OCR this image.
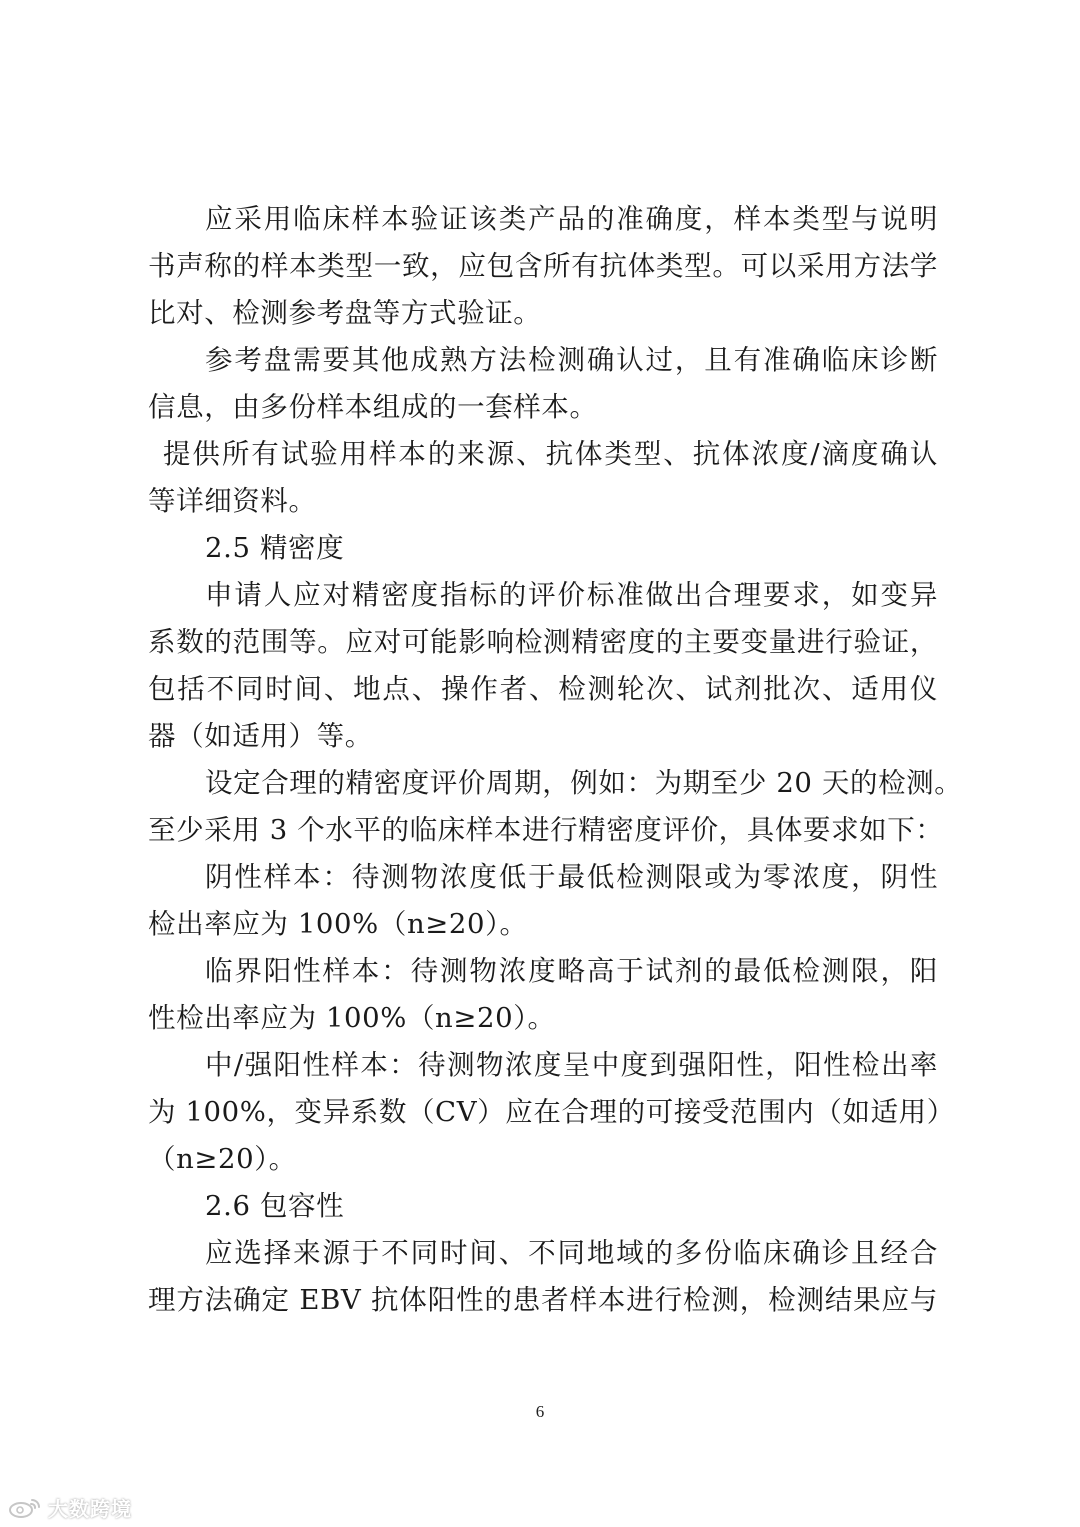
应采用临床样本验证该类产品的准确度，样本类型与说明
书声称的样本类型一致，应包含所有抗体类型。可以采用方法学
比对、检测参考盘等方式验证。
参考盘需要其他成熟方法检测确认过，且有准确临床诊断
信息，由多份样本组成的一套样本。
提供所有试验用样本的来源、抗体类型、抗体浓度/滴度确认
等详细资料。
2.5 精密度
申请人应对精密度指标的评价标准做出合理要求，如变异
系数的范围等。应对可能影响检测精密度的主要变量进行验证，
包括不同时间、地点、操作者、检测轮次、试剂批次、适用仪
器（如适用）等。
设定合理的精密度评价周期，例如：为期至少 20 天的检测。
至少采用 3 个水平的临床样本进行精密度评价，具体要求如下：
阴性样本：待测物浓度低于最低检测限或为零浓度，阴性
检出率应为 100%（n≥20）。
临界阳性样本：待测物浓度略高于试剂的最低检测限，阳
性检出率应为 100%（n≥20）。
中/强阳性样本：待测物浓度呈中度到强阳性，阳性检出率
为 100%，变异系数（CV）应在合理的可接受范围内（如适用）
（n≥20）。
2.6 包容性
应选择来源于不同时间、不同地域的多份临床确诊且经合
理方法确定 EBV 抗体阳性的患者样本进行检测，检测结果应与
6
大数跨境
